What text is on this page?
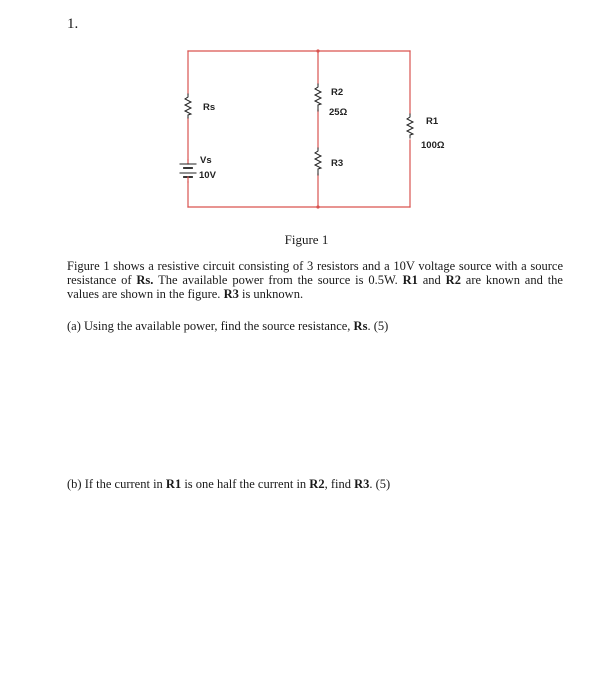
1.
Rs
R2
25Ω
R3
R1
100Ω
Vs
10V
Figure 1
Figure 1 shows a resistive circuit consisting of 3 resistors and a 10V voltage source with a source resistance of Rs. The available power from the source is 0.5W. R1 and R2 are known and the values are shown in the figure. R3 is unknown.
(a) Using the available power, find the source resistance, Rs. (5)
(b) If the current in R1 is one half the current in R2, find R3. (5)
